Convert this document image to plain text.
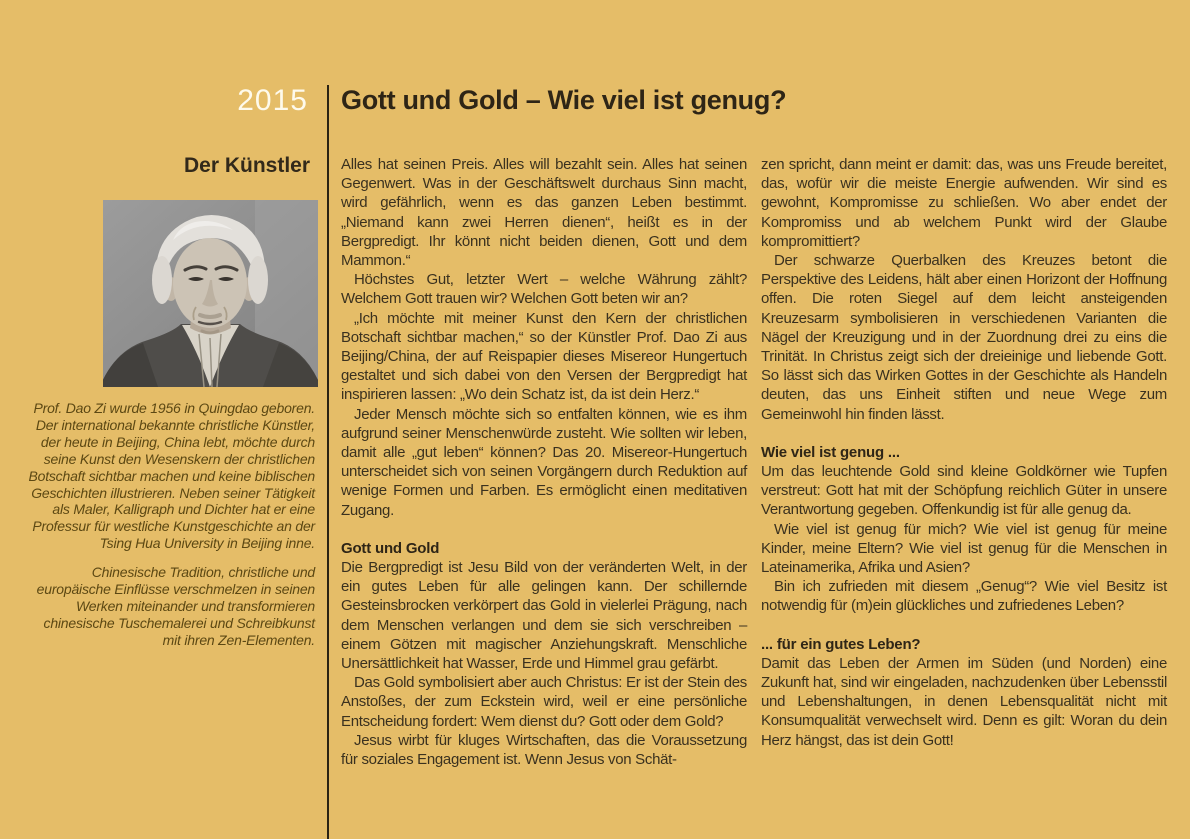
2015
Der Künstler

Prof. Dao Zi wurde 1956 in Quingdao geboren. Der international bekannte christliche Künstler, der heute in Beijing, China lebt, möchte durch seine Kunst den Wesenskern der christlichen Botschaft sichtbar machen und keine biblischen Geschichten illustrieren. Neben seiner Tätigkeit als Maler, Kalligraph und Dichter hat er eine Professur für westliche Kunstgeschichte an der Tsing Hua University in Beijing inne.

Chinesische Tradition, christliche und europäische Einflüsse verschmelzen in seinen Werken miteinander und transformieren chinesische Tuschemalerei und Schreibkunst mit ihren Zen-Elementen.

Gott und Gold – Wie viel ist genug?

Alles hat seinen Preis. Alles will bezahlt sein. Alles hat seinen Gegenwert. Was in der Geschäftswelt durchaus Sinn macht, wird gefährlich, wenn es das ganzen Leben bestimmt. „Niemand kann zwei Herren dienen“, heißt es in der Bergpredigt. Ihr könnt nicht beiden dienen, Gott und dem Mammon.“

Höchstes Gut, letzter Wert – welche Währung zählt? Welchem Gott trauen wir? Welchen Gott beten wir an?

„Ich möchte mit meiner Kunst den Kern der christlichen Botschaft sichtbar machen,“ so der Künstler Prof. Dao Zi aus Beijing/China, der auf Reispapier dieses Misereor Hungertuch gestaltet und sich dabei von den Versen der Bergpredigt hat inspirieren lassen: „Wo dein Schatz ist, da ist dein Herz.“

Jeder Mensch möchte sich so entfalten können, wie es ihm aufgrund seiner Menschenwürde zusteht. Wie sollten wir leben, damit alle „gut leben“ können? Das 20. Misereor-Hungertuch unterscheidet sich von seinen Vorgängern durch Reduktion auf wenige Formen und Farben. Es ermöglicht einen meditativen Zugang.

Gott und Gold

Die Bergpredigt ist Jesu Bild von der veränderten Welt, in der ein gutes Leben für alle gelingen kann. Der schillernde Gesteinsbrocken verkörpert das Gold in vielerlei Prägung, nach dem Menschen verlangen und dem sie sich verschreiben – einem Götzen mit magischer Anziehungskraft. Menschliche Unersättlichkeit hat Wasser, Erde und Himmel grau gefärbt.

Das Gold symbolisiert aber auch Christus: Er ist der Stein des Anstoßes, der zum Eckstein wird, weil er eine persönliche Entscheidung fordert: Wem dienst du? Gott oder dem Gold?

Jesus wirbt für kluges Wirtschaften, das die Voraussetzung für soziales Engagement ist. Wenn Jesus von Schät-

zen spricht, dann meint er damit: das, was uns Freude bereitet, das, wofür wir die meiste Energie aufwenden. Wir sind es gewohnt, Kompromisse zu schließen. Wo aber endet der Kompromiss und ab welchem Punkt wird der Glaube kompromittiert?

Der schwarze Querbalken des Kreuzes betont die Perspektive des Leidens, hält aber einen Horizont der Hoffnung offen. Die roten Siegel auf dem leicht ansteigenden Kreuzesarm symbolisieren in verschiedenen Varianten die Nägel der Kreuzigung und in der Zuordnung drei zu eins die Trinität. In Christus zeigt sich der dreieinige und liebende Gott. So lässt sich das Wirken Gottes in der Geschichte als Handeln deuten, das uns Einheit stiften und neue Wege zum Gemeinwohl hin finden lässt.

Wie viel ist genug ...

Um das leuchtende Gold sind kleine Goldkörner wie Tupfen verstreut: Gott hat mit der Schöpfung reichlich Güter in unsere Verantwortung gegeben. Offenkundig ist für alle genug da.

Wie viel ist genug für mich? Wie viel ist genug für meine Kinder, meine Eltern? Wie viel ist genug für die Menschen in Lateinamerika, Afrika und Asien?

Bin ich zufrieden mit diesem „Genug“? Wie viel Besitz ist notwendig für (m)ein glückliches und zufriedenes Leben?

... für ein gutes Leben?

Damit das Leben der Armen im Süden (und Norden) eine Zukunft hat, sind wir eingeladen, nachzudenken über Lebensstil und Lebenshaltungen, in denen Lebensqualität nicht mit Konsumqualität verwechselt wird. Denn es gilt: Woran du dein Herz hängst, das ist dein Gott!
